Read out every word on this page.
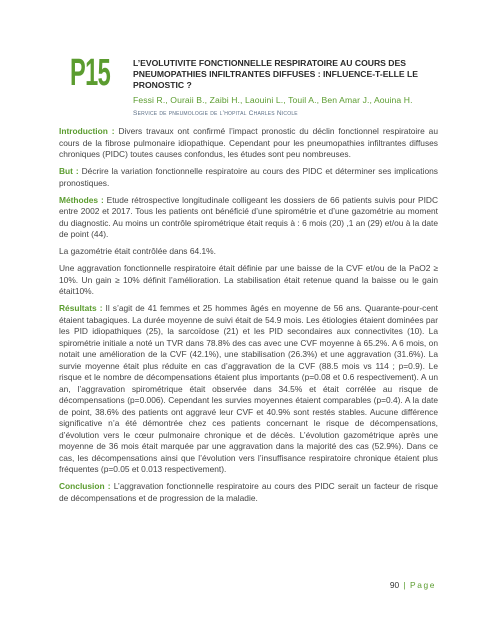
P15	L’EVOLUTIVITE FONCTIONNELLE RESPIRATOIRE AU COURS DES PNEUMOPATHIES INFILTRANTES DIFFUSES : INFLUENCE-T-ELLE LE PRONOSTIC ?
Fessi R., Ouraii B., Zaibi H., Laouini L., Touil A., Ben Amar J., Aouina H.
Service de pneumologie de l’hopital Charles Nicole

Introduction : Divers travaux ont confirmé l’impact pronostic du déclin fonctionnel respiratoire au cours de la fibrose pulmonaire idiopathique. Cependant pour les pneumopathies infiltrantes diffuses chroniques (PIDC) toutes causes confondus, les études sont peu nombreuses.

But : Décrire la variation fonctionnelle respiratoire au cours des PIDC et déterminer ses implications pronostiques.

Méthodes : Etude rétrospective longitudinale colligeant les dossiers de 66 patients suivis pour PIDC entre 2002 et 2017. Tous les patients ont bénéficié d’une spirométrie et d’une gazométrie au moment du diagnostic. Au moins un contrôle spirométrique était requis à : 6 mois (20) ,1 an (29) et/ou à la date de point (44).

La gazométrie était contrôlée dans 64.1%.

Une aggravation fonctionnelle respiratoire était définie par une baisse de la CVF et/ou de la PaO2 ≥ 10%. Un gain ≥ 10% définit l’amélioration. La stabilisation était retenue quand la baisse ou le gain était10%.

Résultats : Il s’agit de 41 femmes et 25 hommes âgés en moyenne de 56 ans. Quarante-pour-cent étaient tabagiques. La durée moyenne de suivi était de 54.9 mois. Les étiologies étaient dominées par les PID idiopathiques (25), la sarcoïdose (21) et les PID secondaires aux connectivites (10). La spirométrie initiale a noté un TVR dans 78.8% des cas avec une CVF moyenne à 65.2%. A 6 mois, on notait une amélioration de la CVF (42.1%), une stabilisation (26.3%) et une aggravation (31.6%). La survie moyenne était plus réduite en cas d’aggravation de la CVF (88.5 mois vs 114 ; p=0.9). Le risque et le nombre de décompensations étaient plus importants (p=0.08 et 0.6 respectivement). A un an, l’aggravation spirométrique était observée dans 34.5% et était corrélée au risque de décompensations (p=0.006). Cependant les survies moyennes étaient comparables (p=0.4). A la date de point, 38.6% des patients ont aggravé leur CVF et 40.9% sont restés stables. Aucune différence significative n’a été démontrée chez ces patients concernant le risque de décompensations, d’évolution vers le cœur pulmonaire chronique et de décès. L’évolution gazométrique après une moyenne de 36 mois était marquée par une aggravation dans la majorité des cas (52.9%). Dans ce cas, les décompensations ainsi que l’évolution vers l’insuffisance respiratoire chronique étaient plus fréquentes (p=0.05 et 0.013 respectivement).

Conclusion : L’aggravation fonctionnelle respiratoire au cours des PIDC serait un facteur de risque de décompensations et de progression de la maladie.

90 | Page
